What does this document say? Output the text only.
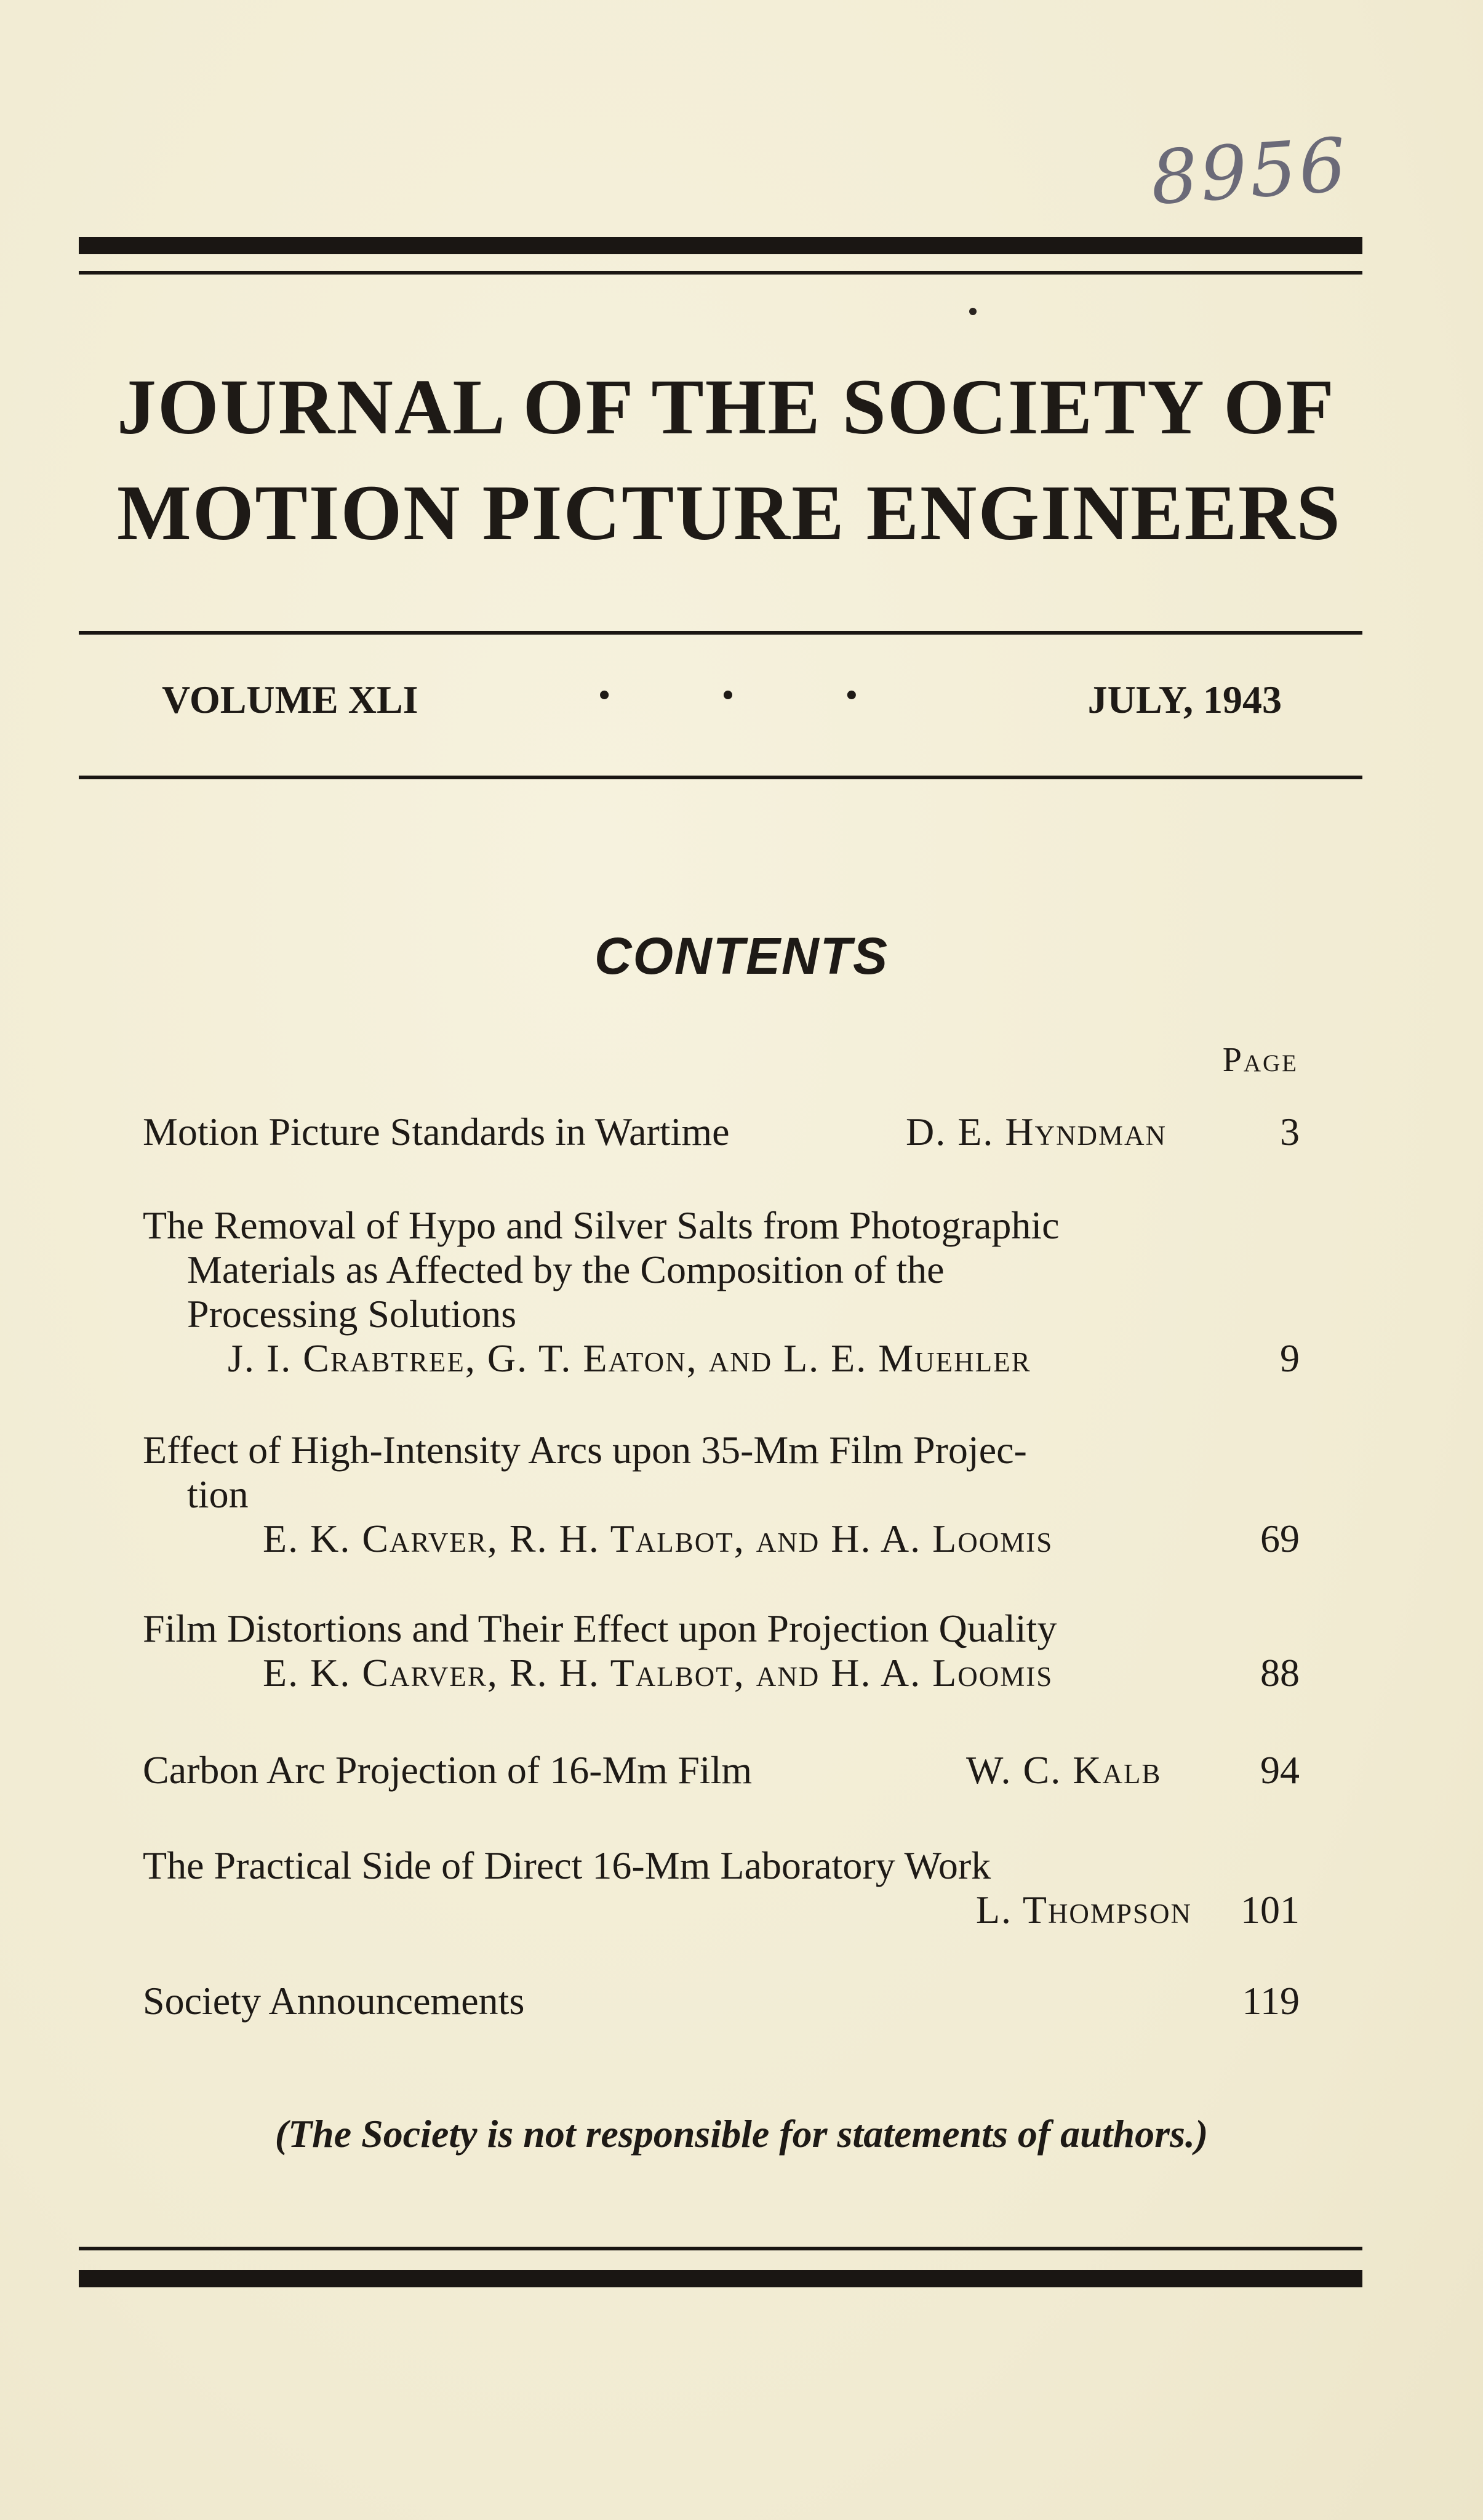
8956
JOURNAL OF THE SOCIETY OF
MOTION PICTURE ENGINEERS
VOLUME XLI	•	•	•	JULY, 1943
CONTENTS
Page
Motion Picture Standards in Wartime	D. E. Hyndman	3
The Removal of Hypo and Silver Salts from Photographic
Materials as Affected by the Composition of the
Processing Solutions
J. I. Crabtree, G. T. Eaton, and L. E. Muehler	9
Effect of High-Intensity Arcs upon 35-Mm Film Projec-
tion
E. K. Carver, R. H. Talbot, and H. A. Loomis	69
Film Distortions and Their Effect upon Projection Quality
E. K. Carver, R. H. Talbot, and H. A. Loomis	88
Carbon Arc Projection of 16-Mm Film	W. C. Kalb	94
The Practical Side of Direct 16-Mm Laboratory Work
L. Thompson 101
Society Announcements	119
(The Society is not responsible for statements of authors.)
